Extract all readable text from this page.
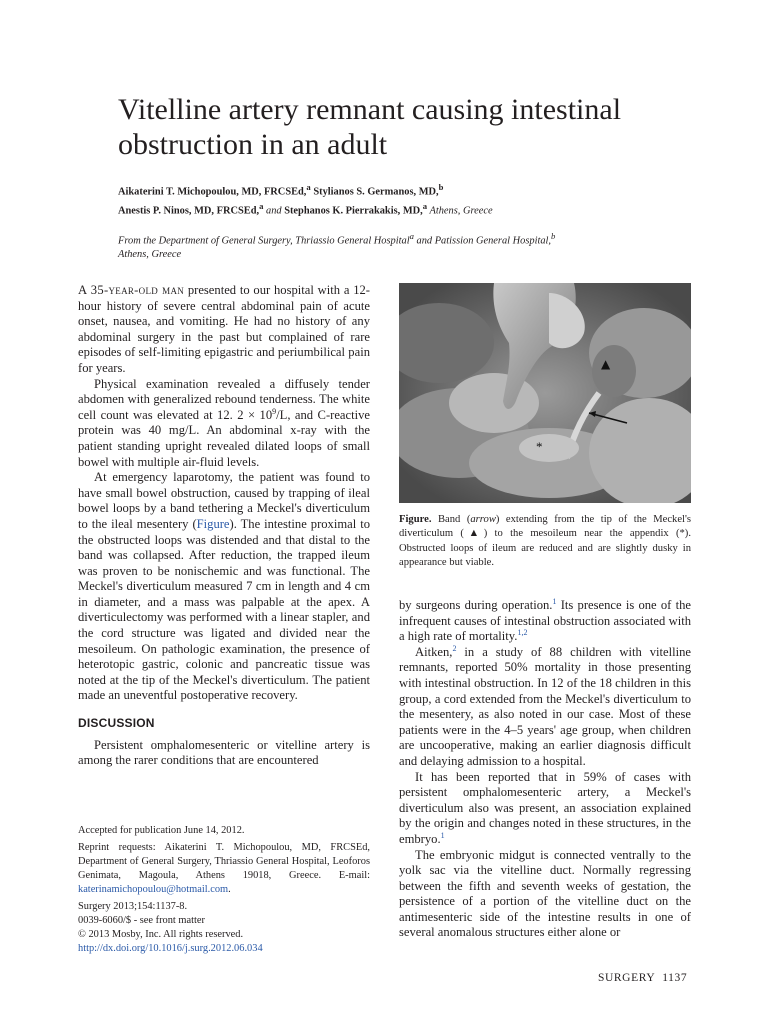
Vitelline artery remnant causing intestinal obstruction in an adult
Aikaterini T. Michopoulou, MD, FRCSEd,$^a$ Stylianos S. Germanos, MD,$^b$
Anestis P. Ninos, MD, FRCSEd,$^a$ and Stephanos K. Pierrakakis, MD,$^a$ Athens, Greece
From the Department of General Surgery, Thriassio General Hospital$^a$ and Patission General Hospital,$^b$
Athens, Greece

A 35-year-old man presented to our hospital with a 12-hour history of severe central abdominal pain of acute onset, nausea, and vomiting. He had no history of any abdominal surgery in the past but complained of rare episodes of self-limiting epigastric and periumbilical pain for years.

Physical examination revealed a diffusely tender abdomen with generalized rebound tenderness. The white cell count was elevated at 12. $2 \times 10^9/L$, and C-reactive protein was 40 mg/L. An abdominal x-ray with the patient standing upright revealed dilated loops of small bowel with multiple air-fluid levels.

At emergency laparotomy, the patient was found to have small bowel obstruction, caused by trapping of ileal bowel loops by a band tethering a Meckel's diverticulum to the ileal mesentery (Figure). The intestine proximal to the obstructed loops was distended and that distal to the band was collapsed. After reduction, the trapped ileum was proven to be nonischemic and was functional. The Meckel's diverticulum measured 7 cm in length and 4 cm in diameter, and a mass was palpable at the apex. A diverticulectomy was performed with a linear stapler, and the cord structure was ligated and divided near the mesoileum. On pathologic examination, the presence of heterotopic gastric, colonic and pancreatic tissue was noted at the tip of the Meckel's diverticulum. The patient made an uneventful postoperative recovery.

DISCUSSION

Persistent omphalomesenteric or vitelline artery is among the rarer conditions that are encountered

Accepted for publication June 14, 2012.

Reprint requests: Aikaterini T. Michopoulou, MD, FRCSEd, Department of General Surgery, Thriassio General Hospital, Leoforos Genimata, Magoula, Athens 19018, Greece. E-mail: katerinamichopoulou@hotmail.com.

Surgery 2013;154:1137-8.

0039-6060/$ - see front matter

© 2013 Mosby, Inc. All rights reserved.

http://dx.doi.org/10.1016/j.surg.2012.06.034

▲
*
Figure. Band (arrow) extending from the tip of the Meckel's diverticulum (▲) to the mesoileum near the appendix (*). Obstructed loops of ileum are reduced and are slightly dusky in appearance but viable.

by surgeons during operation.$^1$ Its presence is one of the infrequent causes of intestinal obstruction associated with a high rate of mortality.$^{1,2}$

Aitken,$^2$ in a study of 88 children with vitelline remnants, reported 50% mortality in those presenting with intestinal obstruction. In 12 of the 18 children in this group, a cord extended from the Meckel's diverticulum to the mesentery, as also noted in our case. Most of these patients were in the 4–5 years' age group, when children are uncooperative, making an earlier diagnosis difficult and delaying admission to a hospital.

It has been reported that in 59% of cases with persistent omphalomesenteric artery, a Meckel's diverticulum also was present, an association explained by the origin and changes noted in these structures, in the embryo.$^1$

The embryonic midgut is connected ventrally to the yolk sac via the vitelline duct. Normally regressing between the fifth and seventh weeks of gestation, the persistence of a portion of the vitelline duct on the antimesenteric side of the intestine results in one of several anomalous structures either alone or

SURGERY 1137
